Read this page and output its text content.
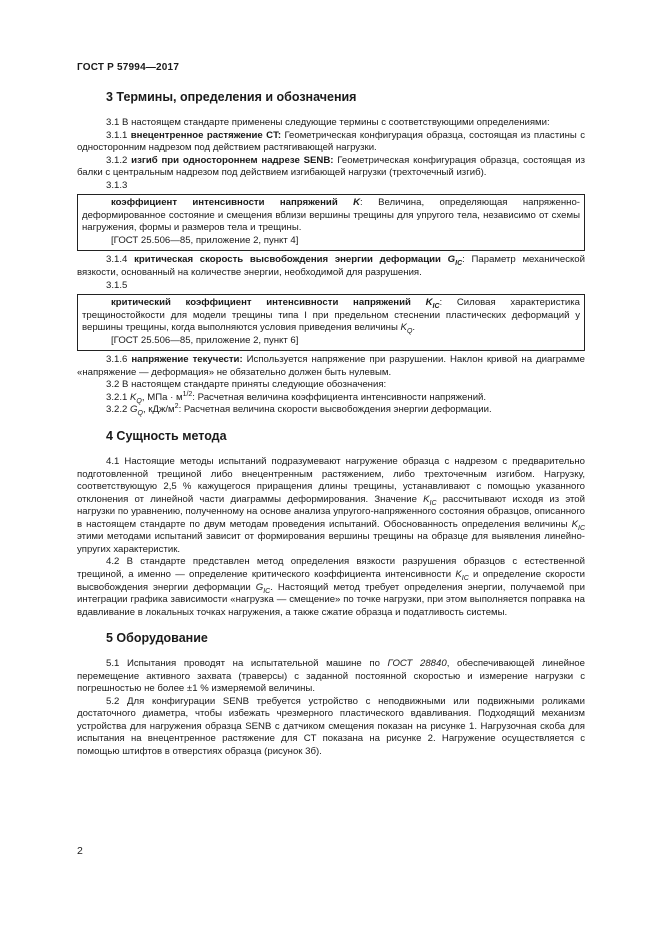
ГОСТ Р 57994—2017
3 Термины, определения и обозначения

3.1 В настоящем стандарте применены следующие термины с соответствующими определениями:

3.1.1 внецентренное растяжение CT: Геометрическая конфигурация образца, состоящая из пластины с односторонним надрезом под действием растягивающей нагрузки.

3.1.2 изгиб при одностороннем надрезе SENB: Геометрическая конфигурация образца, состоящая из балки с центральным надрезом под действием изгибающей нагрузки (трехточечный изгиб).

3.1.3

коэффициент интенсивности напряжений K: Величина, определяющая напряженно-деформированное состояние и смещения вблизи вершины трещины для упругого тела, независимо от схемы нагружения, формы и размеров тела и трещины.

[ГОСТ 25.506—85, приложение 2, пункт 4]

3.1.4 критическая скорость высвобождения энергии деформации $G_{IC}$: Параметр механической вязкости, основанный на количестве энергии, необходимой для разрушения.

3.1.5

критический коэффициент интенсивности напряжений $K_{IC}$: Силовая характеристика трещиностойкости для модели трещины типа I при предельном стеснении пластических деформаций у вершины трещины, когда выполняются условия приведения величины $K_Q$.

[ГОСТ 25.506—85, приложение 2, пункт 6]

3.1.6 напряжение текучести: Используется напряжение при разрушении. Наклон кривой на диаграмме «напряжение — деформация» не обязательно должен быть нулевым.

3.2 В настоящем стандарте приняты следующие обозначения:

3.2.1 $K_Q$, МПа · $м^{1/2}$: Расчетная величина коэффициента интенсивности напряжений.

3.2.2 $G_Q$, кДж/$м^2$: Расчетная величина скорости высвобождения энергии деформации.

4 Сущность метода

4.1 Настоящие методы испытаний подразумевают нагружение образца с надрезом с предварительно подготовленной трещиной либо внецентренным растяжением, либо трехточечным изгибом. Нагрузку, соответствующую 2,5 % кажущегося приращения длины трещины, устанавливают с помощью указанного отклонения от линейной части диаграммы деформирования. Значение $K_{IC}$ рассчитывают исходя из этой нагрузки по уравнению, полученному на основе анализа упругого-напряженного состояния образцов, описанного в настоящем стандарте по двум методам проведения испытаний. Обоснованность определения величины $K_{IC}$ этими методами испытаний зависит от формирования вершины трещины на образце для выявления линейно-упругих характеристик.

4.2 В стандарте представлен метод определения вязкости разрушения образцов с естественной трещиной, а именно — определение критического коэффициента интенсивности $K_{IC}$ и определение скорости высвобождения энергии деформации $G_{IC}$. Настоящий метод требует определения энергии, получаемой при интеграции графика зависимости «нагрузка — смещение» по точке нагрузки, при этом выполняется поправка на вдавливание в локальных точках нагружения, а также сжатие образца и податливость системы.

5 Оборудование

5.1 Испытания проводят на испытательной машине по ГОСТ 28840, обеспечивающей линейное перемещение активного захвата (траверсы) с заданной постоянной скоростью и измерение нагрузки с погрешностью не более ±1 % измеряемой величины.

5.2 Для конфигурации SENB требуется устройство с неподвижными или подвижными роликами достаточного диаметра, чтобы избежать чрезмерного пластического вдавливания. Подходящий механизм устройства для нагружения образца SENB с датчиком смещения показан на рисунке 1. Нагрузочная скоба для испытания на внецентренное растяжение для CT показана на рисунке 2. Нагружение осуществляется с помощью штифтов в отверстиях образца (рисунок 3б).

2
